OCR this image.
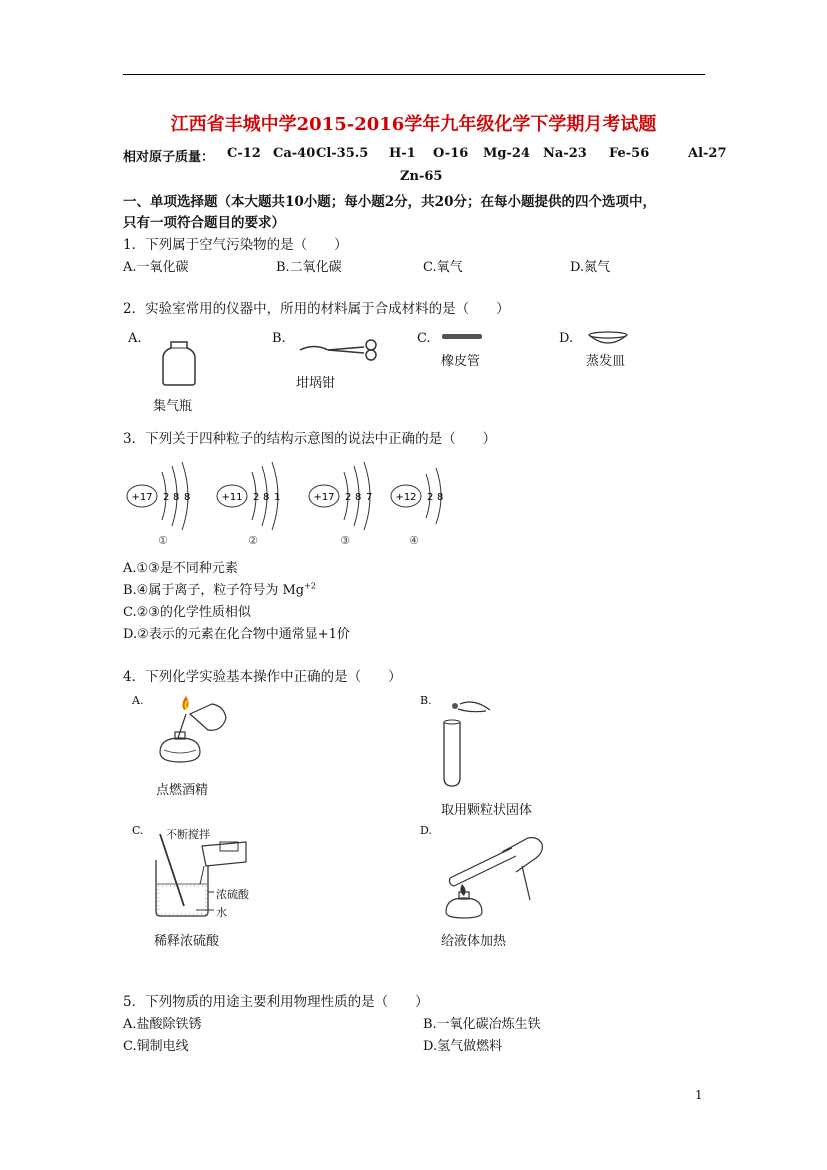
江西省丰城中学2015-2016学年九年级化学下学期月考试题
相对原子质量： C-12 Ca-40 Cl-35.5 H-1 O-16 Mg-24 Na-23 Fe-56	Al-27
Zn-65
一、单项选择题（本大题共10小题；每小题2分，共20分；在每小题提供的四个选项中，
只有一项符合题目的要求）
1．下列属于空气污染物的是（　　）
A.一氧化碳	B.二氧化碳	C.氧气	D.氮气
2．实验室常用的仪器中，所用的材料属于合成材料的是（　　）
A.	B.	C.	D.
集气瓶
坩埚钳
橡皮管	蒸发皿
3．下列关于四种粒子的结构示意图的说法中正确的是（　　）
+17 2 8 8
①
+11 2 8 1
②
+17 2 8 7
③
+12 2 8
④
A.①③是不同种元素
B.④属于离子，粒子符号为 $Mg^{+2}$
C.②③的化学性质相似
D.②表示的元素在化合物中通常显+1价
4．下列化学实验基本操作中正确的是（　　）
A.	B.
C.	D.
点燃酒精
取用颗粒状固体
不断搅拌
浓硫酸
水
稀释浓硫酸	给液体加热
5．下列物质的用途主要利用物理性质的是（　　）
A.盐酸除铁锈	B.一氧化碳冶炼生铁
C.铜制电线	D.氢气做燃料
1
